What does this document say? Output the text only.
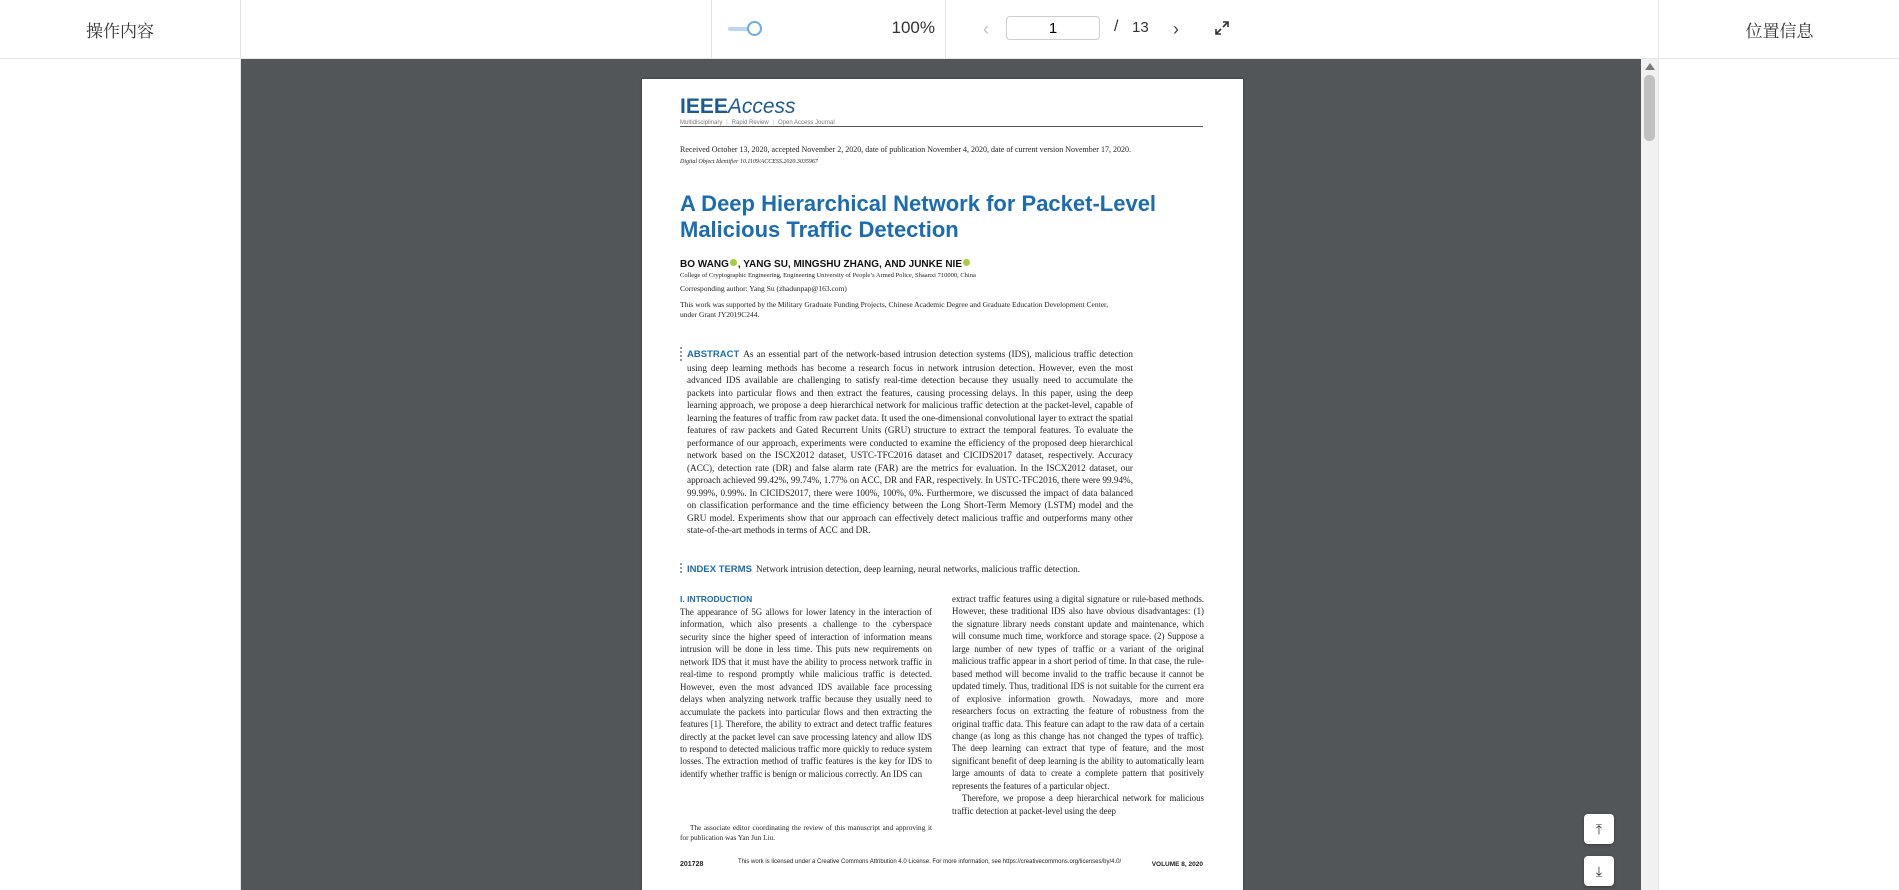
操作内容	100%	‹
1	/ 13	›	位置信息
IEEEAccess
Multidisciplinary ⋮ Rapid Review ⋮ Open Access Journal
Received October 13, 2020, accepted November 2, 2020, date of publication November 4, 2020, date of current version November 17, 2020.
Digital Object Identifier 10.1109/ACCESS.2020.3035967
A Deep Hierarchical Network for Packet-Level Malicious Traffic Detection
BO WANG , YANG SU, MINGSHU ZHANG, AND JUNKE NIE
College of Cryptographic Engineering, Engineering University of People’s Armed Police, Shaanxi 710000, China
Corresponding author: Yang Su (zhadunpap@163.com)
This work was supported by the Military Graduate Funding Projects, Chinese Academic Degree and Graduate Education Development Center, under Grant JY2019C244.
ABSTRACT As an essential part of the network-based intrusion detection systems (IDS), malicious traffic detection using deep learning methods has become a research focus in network intrusion detection. However, even the most advanced IDS available are challenging to satisfy real-time detection because they usually need to accumulate the packets into particular flows and then extract the features, causing processing delays. In this paper, using the deep learning approach, we propose a deep hierarchical network for malicious traffic detection at the packet-level, capable of learning the features of traffic from raw packet data. It used the one-dimensional convolutional layer to extract the spatial features of raw packets and Gated Recurrent Units (GRU) structure to extract the temporal features. To evaluate the performance of our approach, experiments were conducted to examine the efficiency of the proposed deep hierarchical network based on the ISCX2012 dataset, USTC-TFC2016 dataset and CICIDS2017 dataset, respectively. Accuracy (ACC), detection rate (DR) and false alarm rate (FAR) are the metrics for evaluation. In the ISCX2012 dataset, our approach achieved 99.42%, 99.74%, 1.77% on ACC, DR and FAR, respectively. In USTC-TFC2016, there were 99.94%, 99.99%, 0.99%. In CICIDS2017, there were 100%, 100%, 0%. Furthermore, we discussed the impact of data balanced on classification performance and the time efficiency between the Long Short-Term Memory (LSTM) model and the GRU model. Experiments show that our approach can effectively detect malicious traffic and outperforms many other state-of-the-art methods in terms of ACC and DR.
INDEX TERMS Network intrusion detection, deep learning, neural networks, malicious traffic detection.
I. INTRODUCTION

The appearance of 5G allows for lower latency in the interaction of information, which also presents a challenge to the cyberspace security since the higher speed of interaction of information means intrusion will be done in less time. This puts new requirements on network IDS that it must have the ability to process network traffic in real-time to respond promptly while malicious traffic is detected. However, even the most advanced IDS available face processing delays when analyzing network traffic because they usually need to accumulate the packets into particular flows and then extracting the features [1]. Therefore, the ability to extract and detect traffic features directly at the packet level can save processing latency and allow IDS to respond to detected malicious traffic more quickly to reduce system losses. The extraction method of traffic features is the key for IDS to identify whether traffic is benign or malicious correctly. An IDS can

extract traffic features using a digital signature or rule-based methods. However, these traditional IDS also have obvious disadvantages: (1) the signature library needs constant update and maintenance, which will consume much time, workforce and storage space. (2) Suppose a large number of new types of traffic or a variant of the original malicious traffic appear in a short period of time. In that case, the rule-based method will become invalid to the traffic because it cannot be updated timely. Thus, traditional IDS is not suitable for the current era of explosive information growth. Nowadays, more and more researchers focus on extracting the feature of robustness from the original traffic data. This feature can adapt to the raw data of a certain change (as long as this change has not changed the types of traffic). The deep learning can extract that type of feature, and the most significant benefit of deep learning is the ability to automatically learn large amounts of data to create a complete pattern that positively represents the features of a particular object.

Therefore, we propose a deep hierarchical network for malicious traffic detection at packet-level using the deep

The associate editor coordinating the review of this manuscript and approving it for publication was Yan Jun Liu.
201728	This work is licensed under a Creative Commons Attribution 4.0 License. For more information, see https://creativecommons.org/licenses/by/4.0/	VOLUME 8, 2020
⤒
⤓
